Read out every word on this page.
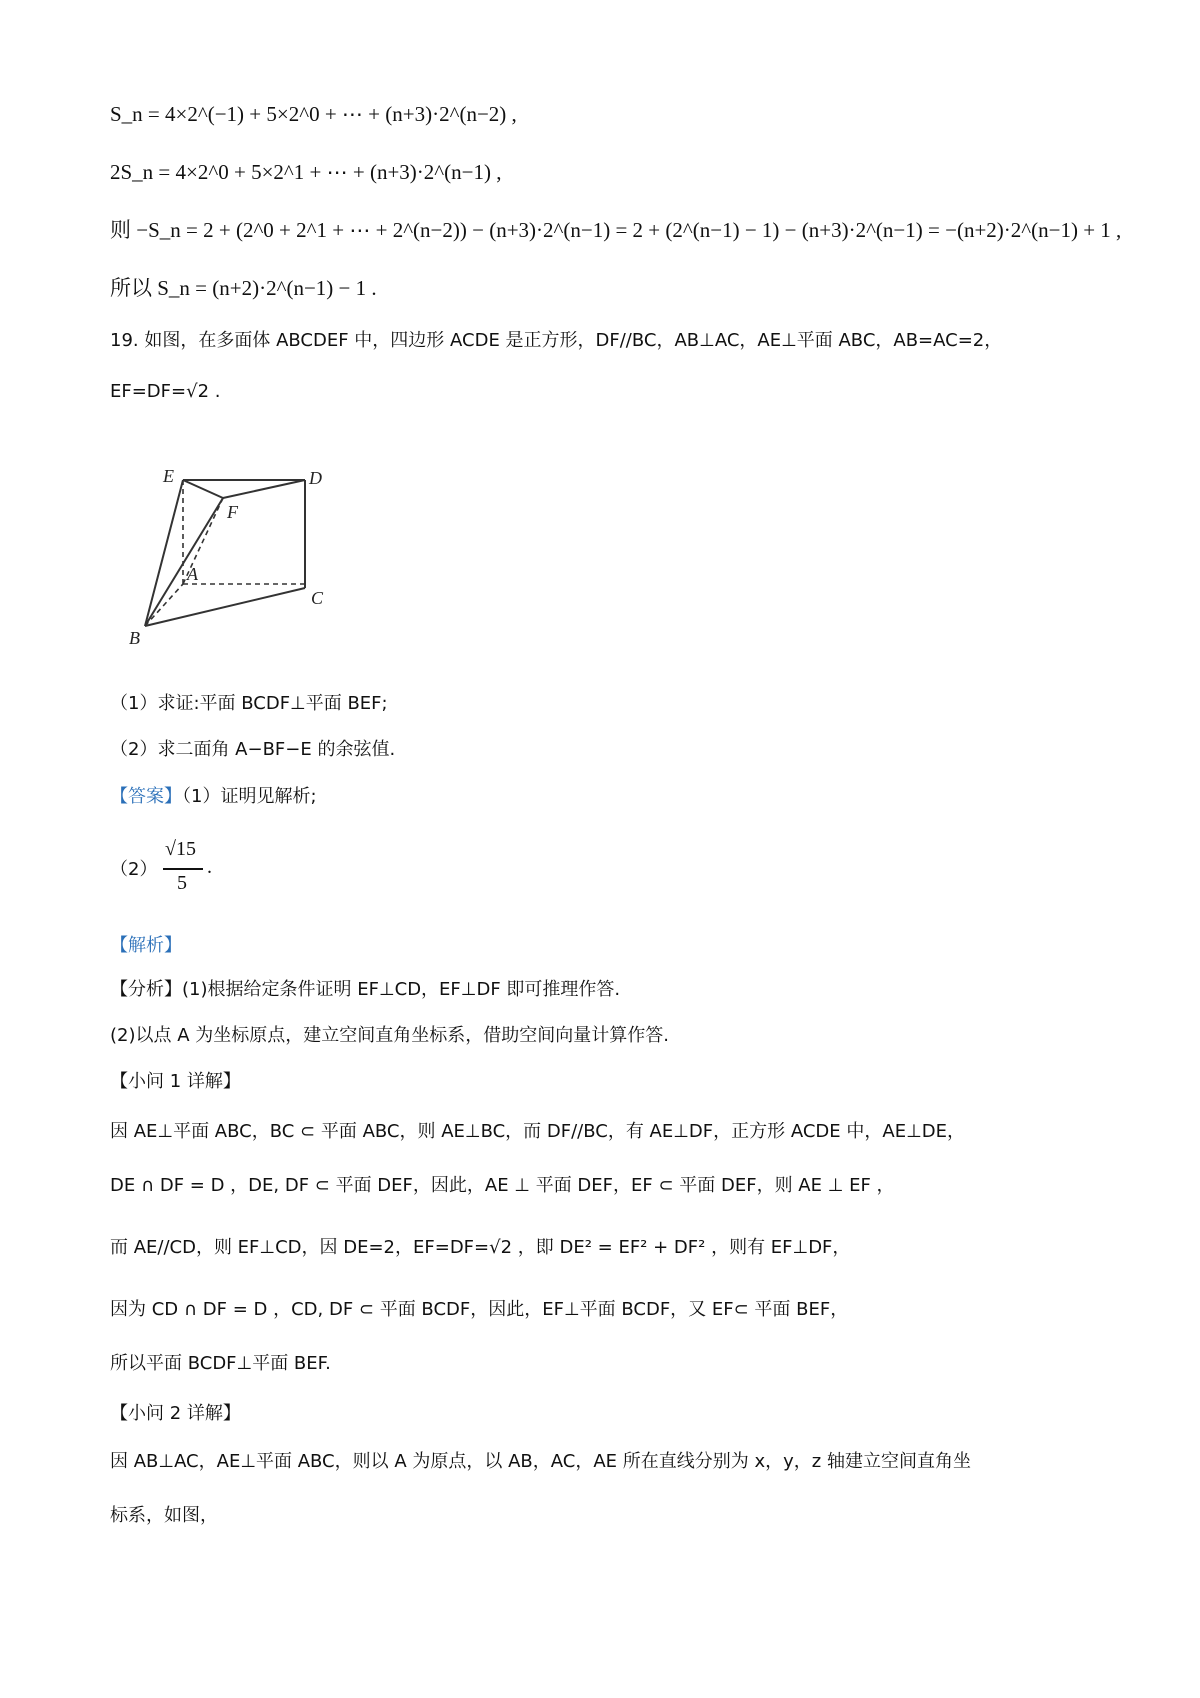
S_n = 4×2^(−1) + 5×2^0 + ⋯ + (n+3)·2^(n−2) ,
2S_n = 4×2^0 + 5×2^1 + ⋯ + (n+3)·2^(n−1) ,
则 −S_n = 2 + (2^0 + 2^1 + ⋯ + 2^(n−2)) − (n+3)·2^(n−1) = 2 + (2^(n−1) − 1) − (n+3)·2^(n−1) = −(n+2)·2^(n−1) + 1 ,
所以 S_n = (n+2)·2^(n−1) − 1 .
19. 如图，在多面体 ABCDEF 中，四边形 ACDE 是正方形，DF//BC，AB⊥AC，AE⊥平面 ABC，AB=AC=2，
EF=DF=√2 .
E	D
F
A
C
B
（1）求证:平面 BCDF⊥平面 BEF;
（2）求二面角 A−BF−E 的余弦值.
【答案】（1）证明见解析;
（2）
√15
5
.
【解析】
【分析】(1)根据给定条件证明 EF⊥CD，EF⊥DF 即可推理作答.
(2)以点 A 为坐标原点，建立空间直角坐标系，借助空间向量计算作答.
【小问 1 详解】
因 AE⊥平面 ABC，BC ⊂ 平面 ABC，则 AE⊥BC，而 DF//BC，有 AE⊥DF，正方形 ACDE 中，AE⊥DE，
DE ∩ DF = D ，DE, DF ⊂ 平面 DEF，因此，AE ⊥ 平面 DEF，EF ⊂ 平面 DEF，则 AE ⊥ EF ，
而 AE//CD，则 EF⊥CD，因 DE=2，EF=DF=√2 ，即 DE² = EF² + DF² ，则有 EF⊥DF，
因为 CD ∩ DF = D ，CD, DF ⊂ 平面 BCDF，因此，EF⊥平面 BCDF，又 EF⊂ 平面 BEF，
所以平面 BCDF⊥平面 BEF.
【小问 2 详解】
因 AB⊥AC，AE⊥平面 ABC，则以 A 为原点，以 AB，AC，AE 所在直线分别为 x，y，z 轴建立空间直角坐
标系，如图，
